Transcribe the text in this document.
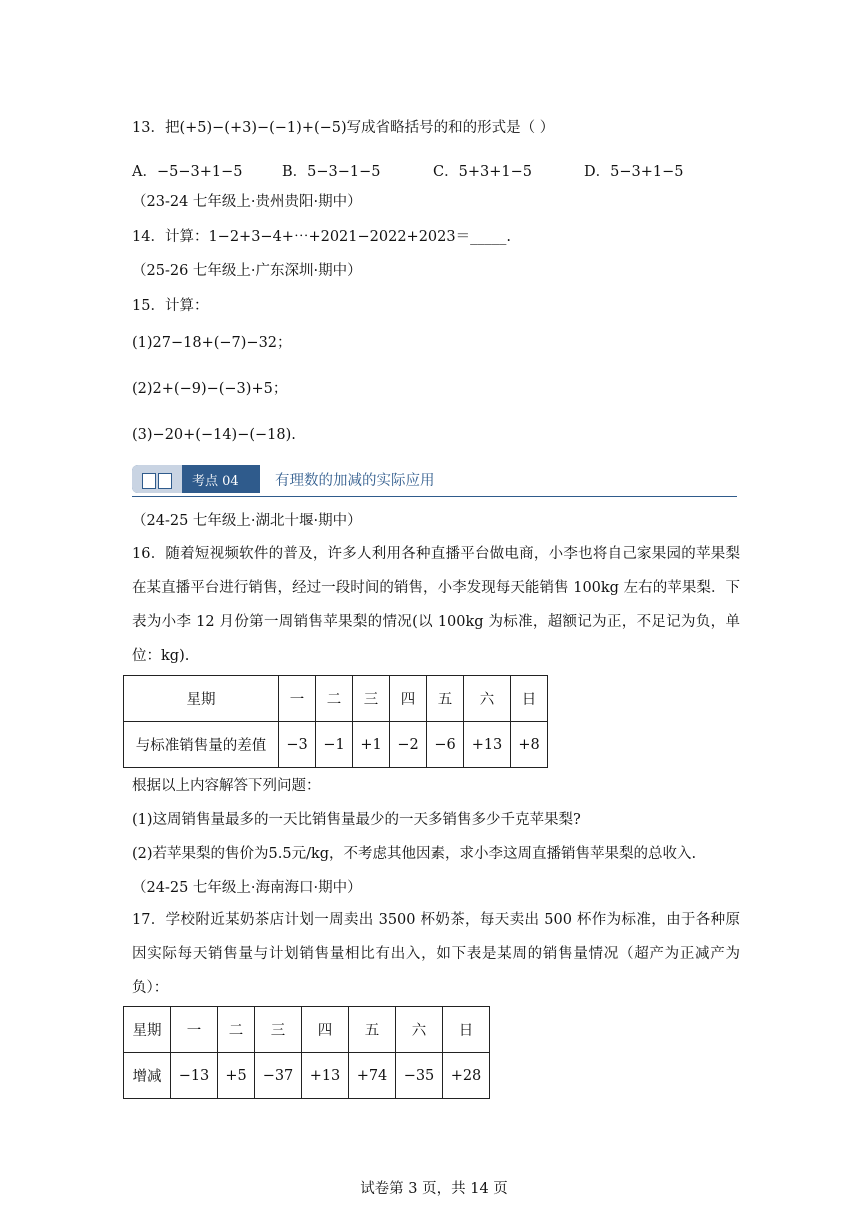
13．把(+5)−(+3)−(−1)+(−5)写成省略括号的和的形式是（ ）
A．−5−3+1−5	B．5−3−1−5	C．5+3+1−5	D．5−3+1−5
（23-24 七年级上·贵州贵阳·期中）
14．计算：1−2+3−4+⋯+2021−2022+2023＝_____.
（25-26 七年级上·广东深圳·期中）
15．计算：
(1)27−18+(−7)−32；
(2)2+(−9)−(−3)+5；
(3)−20+(−14)−(−18).
考点 04	有理数的加减的实际应用
（24-25 七年级上·湖北十堰·期中）
16．随着短视频软件的普及，许多人利用各种直播平台做电商，小李也将自己家果园的苹果梨在某直播平台进行销售，经过一段时间的销售，小李发现每天能销售 100kg 左右的苹果梨．下表为小李 12 月份第一周销售苹果梨的情况(以 100kg 为标准，超额记为正，不足记为负，单位：kg).
星期	一	二	三	四	五	六	日
与标准销售量的差值	−3	−1	+1	−2	−6	+13	+8
根据以上内容解答下列问题：
(1)这周销售量最多的一天比销售量最少的一天多销售多少千克苹果梨?
(2)若苹果梨的售价为5.5元/kg，不考虑其他因素，求小李这周直播销售苹果梨的总收入.
（24-25 七年级上·海南海口·期中）
17．学校附近某奶茶店计划一周卖出 3500 杯奶茶，每天卖出 500 杯作为标准，由于各种原因实际每天销售量与计划销售量相比有出入，如下表是某周的销售量情况（超产为正减产为负）：
星期	一	二	三	四	五	六	日
增减	−13	+5	−37	+13	+74	−35	+28
试卷第 3 页，共 14 页
